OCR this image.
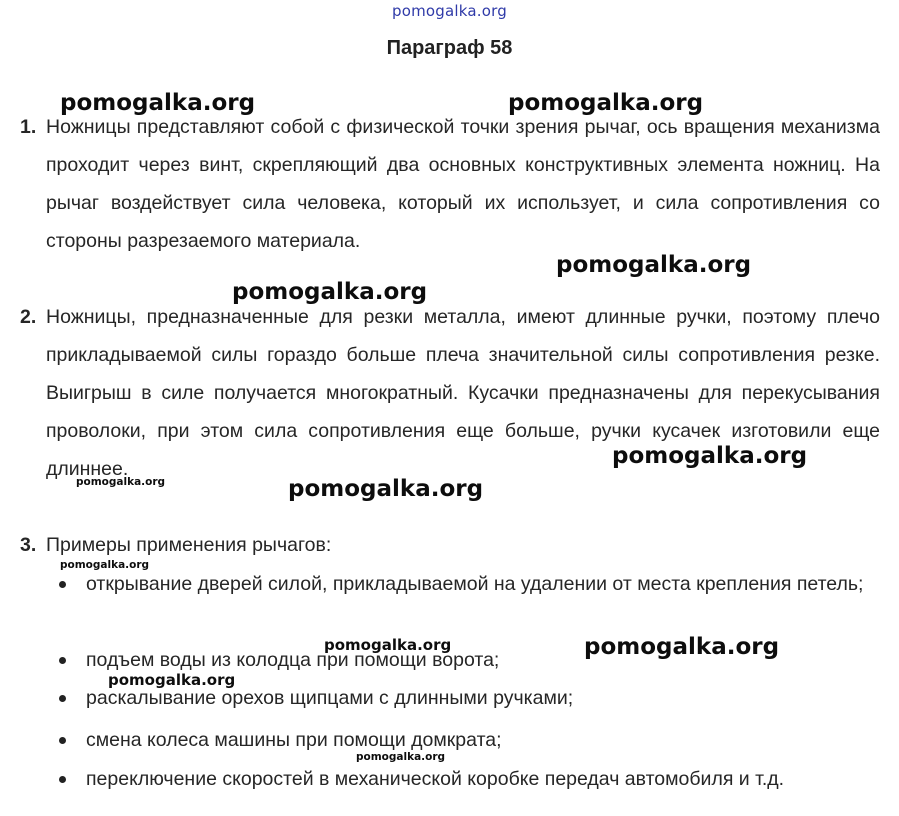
pomogalka.org
Параграф 58
1. Ножницы представляют собой с физической точки зрения рычаг, ось вращения механизма проходит через винт, скрепляющий два основных конструктивных элемента ножниц. На рычаг воздействует сила человека, который их использует, и сила сопротивления со стороны разрезаемого материала.
2. Ножницы, предназначенные для резки металла, имеют длинные ручки, поэтому плечо прикладываемой силы гораздо больше плеча значительной силы сопротивления резке. Выигрыш в силе получается многократный. Кусачки предназначены для перекусывания проволоки, при этом сила сопротивления еще больше, ручки кусачек изготовили еще длиннее.
3. Примеры применения рычагов:
открывание дверей силой, прикладываемой на удалении от места крепления петель;
подъем воды из колодца при помощи ворота;
раскалывание орехов щипцами с длинными ручками;
смена колеса машины при помощи домкрата;
переключение скоростей в механической коробке передач автомобиля и т.д.
pomogalka.org	pomogalka.org
pomogalka.org
pomogalka.org
pomogalka.org
pomogalka.org	pomogalka.org
pomogalka.org
pomogalka.org	pomogalka.org
pomogalka.org
pomogalka.org
